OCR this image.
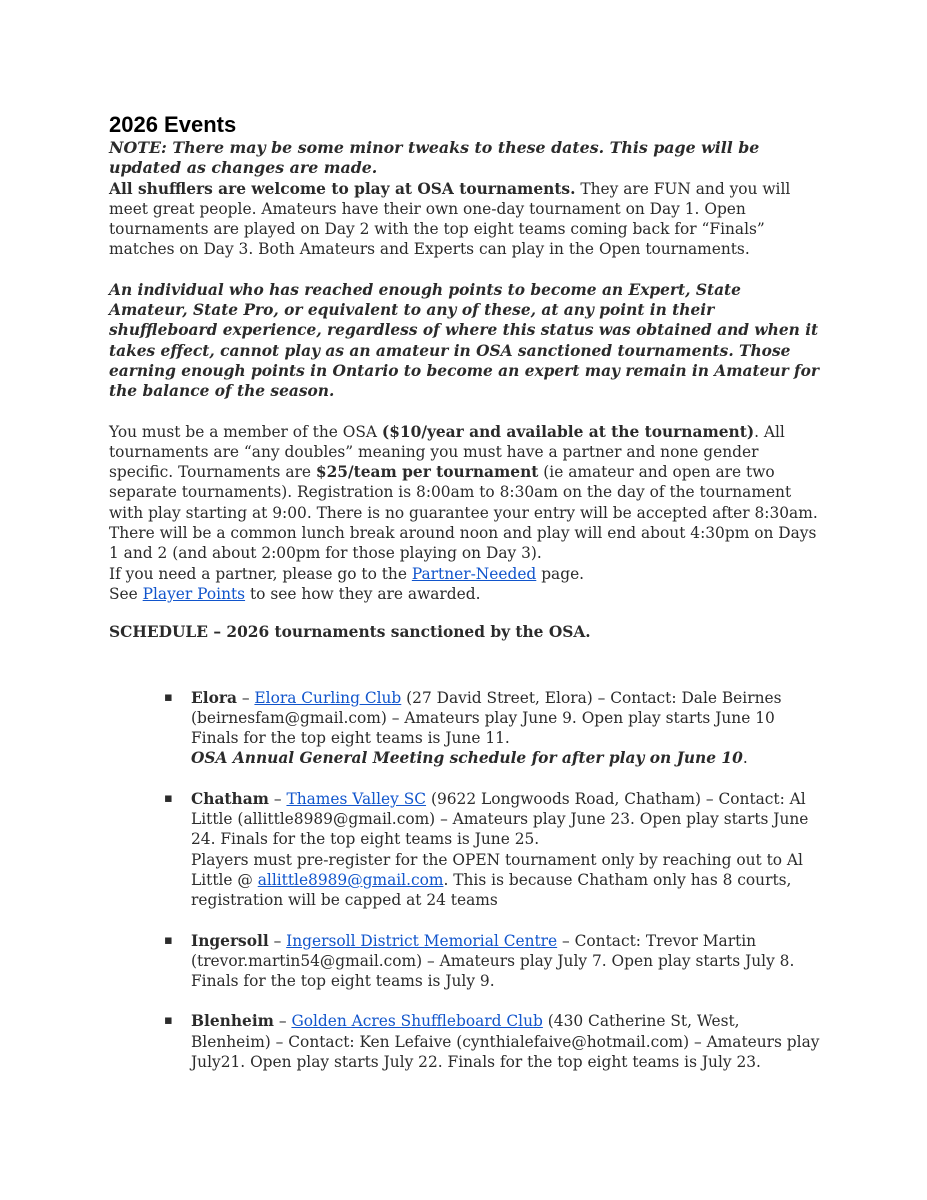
2026 Events

NOTE: There may be some minor tweaks to these dates. This page will be updated as changes are made.

All shufflers are welcome to play at OSA tournaments. They are FUN and you will meet great people. Amateurs have their own one-day tournament on Day 1. Open tournaments are played on Day 2 with the top eight teams coming back for “Finals” matches on Day 3. Both Amateurs and Experts can play in the Open tournaments.

An individual who has reached enough points to become an Expert, State Amateur, State Pro, or equivalent to any of these, at any point in their shuffleboard experience, regardless of where this status was obtained and when it takes effect, cannot play as an amateur in OSA sanctioned tournaments. Those earning enough points in Ontario to become an expert may remain in Amateur for the balance of the season.

You must be a member of the OSA ($10/year and available at the tournament). All tournaments are “any doubles” meaning you must have a partner and none gender specific. Tournaments are $25/team per tournament (ie amateur and open are two separate tournaments). Registration is 8:00am to 8:30am on the day of the tournament with play starting at 9:00. There is no guarantee your entry will be accepted after 8:30am. There will be a common lunch break around noon and play will end about 4:30pm on Days 1 and 2 (and about 2:00pm for those playing on Day 3).

If you need a partner, please go to the Partner-Needed page.

See Player Points to see how they are awarded.

SCHEDULE – 2026 tournaments sanctioned by the OSA.

▪ Elora – Elora Curling Club (27 David Street, Elora) – Contact: Dale Beirnes (beirnesfam@gmail.com) – Amateurs play June 9. Open play starts June 10 Finals for the top eight teams is June 11.
OSA Annual General Meeting schedule for after play on June 10.
▪ Chatham – Thames Valley SC (9622 Longwoods Road, Chatham) – Contact: Al Little (allittle8989@gmail.com) – Amateurs play June 23. Open play starts June 24. Finals for the top eight teams is June 25.
Players must pre-register for the OPEN tournament only by reaching out to Al Little @ allittle8989@gmail.com. This is because Chatham only has 8 courts, registration will be capped at 24 teams
▪ Ingersoll – Ingersoll District Memorial Centre – Contact: Trevor Martin (trevor.martin54@gmail.com) – Amateurs play July 7. Open play starts July 8. Finals for the top eight teams is July 9.
▪ Blenheim – Golden Acres Shuffleboard Club (430 Catherine St, West, Blenheim) – Contact: Ken Lefaive (cynthialefaive@hotmail.com) – Amateurs play July21. Open play starts July 22. Finals for the top eight teams is July 23.
